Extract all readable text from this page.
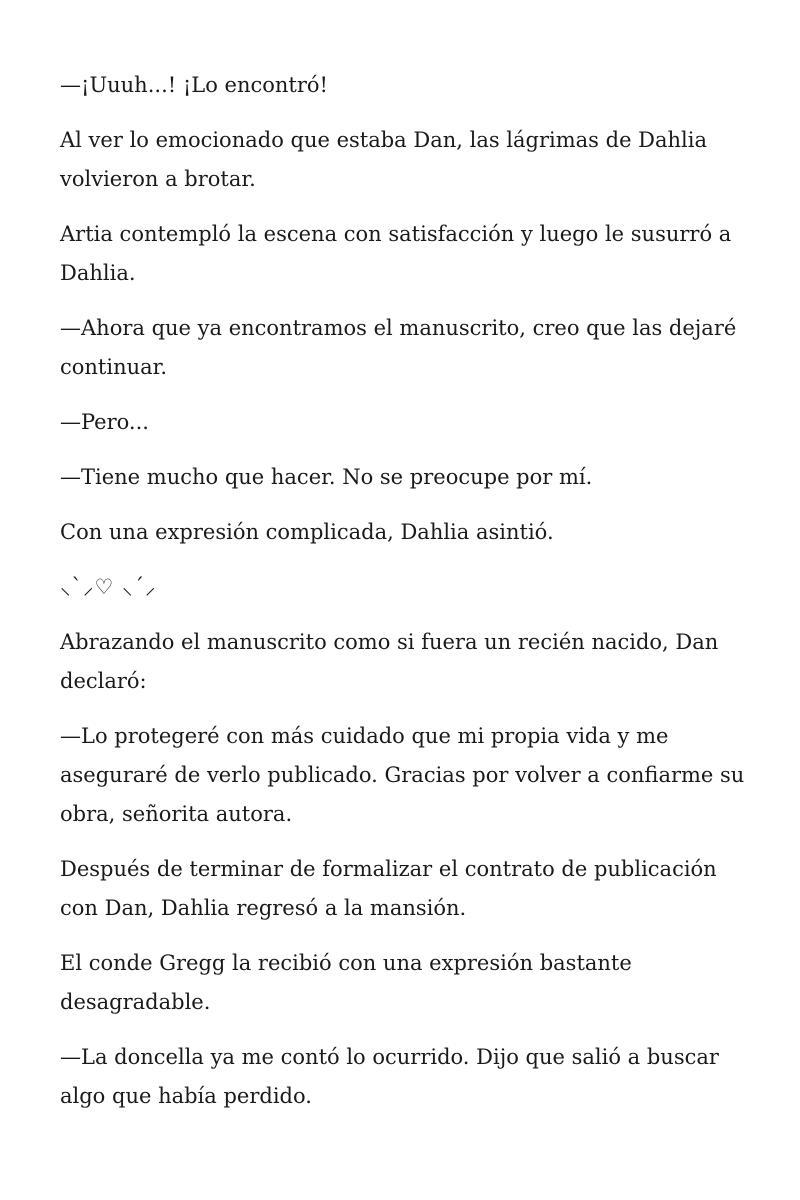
—¡Uuuh...! ¡Lo encontró!

Al ver lo emocionado que estaba Dan, las lágrimas de Dahlia volvieron a brotar.

Artia contempló la escena con satisfacción y luego le susurró a Dahlia.

—Ahora que ya encontramos el manuscrito, creo que las dejaré continuar.

—Pero...

—Tiene mucho que hacer. No se preocupe por mí.

Con una expresión complicada, Dahlia asintió.

⸜`⸝♡ ⸜´⸝

Abrazando el manuscrito como si fuera un recién nacido, Dan declaró:

—Lo protegeré con más cuidado que mi propia vida y me aseguraré de verlo publicado. Gracias por volver a confiarme su obra, señorita autora.

Después de terminar de formalizar el contrato de publicación con Dan, Dahlia regresó a la mansión.

El conde Gregg la recibió con una expresión bastante desagradable.

—La doncella ya me contó lo ocurrido. Dijo que salió a buscar algo que había perdido.
